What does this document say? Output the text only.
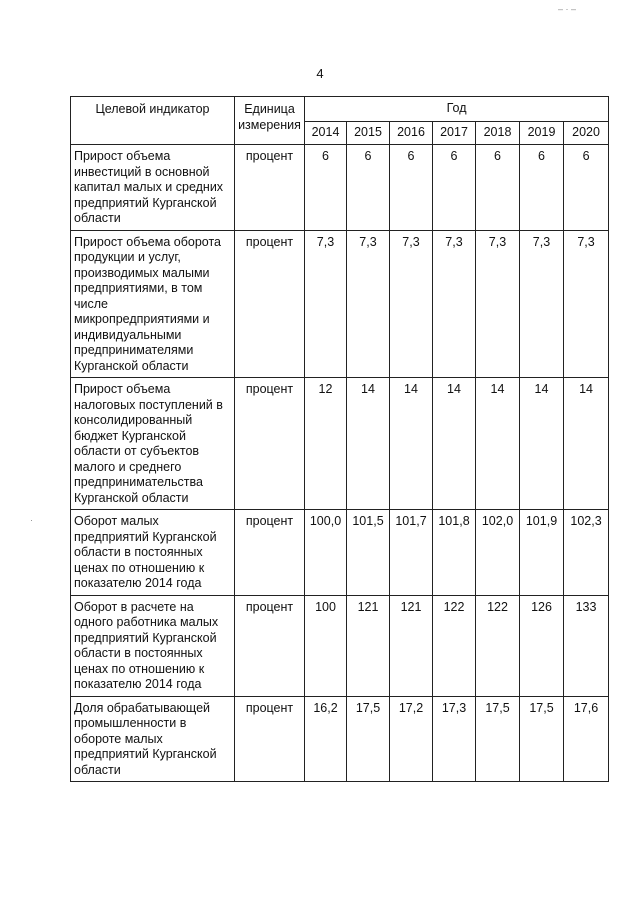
4
– · –
·
Целевой индикатор	Единица измерения	Год						
		2014	2015	2016	2017	2018	2019	2020
Прирост объема инвестиций в основной капитал малых и средних предприятий Курганской области	процент	6	6	6	6	6	6	6
Прирост объема оборота продукции и услуг, производимых малыми предприятиями, в том числе микропредприятиями и индивидуальными предпринимателями Курганской области	процент	7,3	7,3	7,3	7,3	7,3	7,3	7,3
Прирост объема налоговых поступлений в консолидированный бюджет Курганской области от субъектов малого и среднего предпринимательства Курганской области	процент	12	14	14	14	14	14	14
Оборот малых предприятий Курганской области в постоянных ценах по отношению к показателю 2014 года	процент	100,0	101,5	101,7	101,8	102,0	101,9	102,3
Оборот в расчете на одного работника малых предприятий Курганской области в постоянных ценах по отношению к показателю 2014 года	процент	100	121	121	122	122	126	133
Доля обрабатывающей промышленности в обороте малых предприятий Курганской области	процент	16,2	17,5	17,2	17,3	17,5	17,5	17,6
